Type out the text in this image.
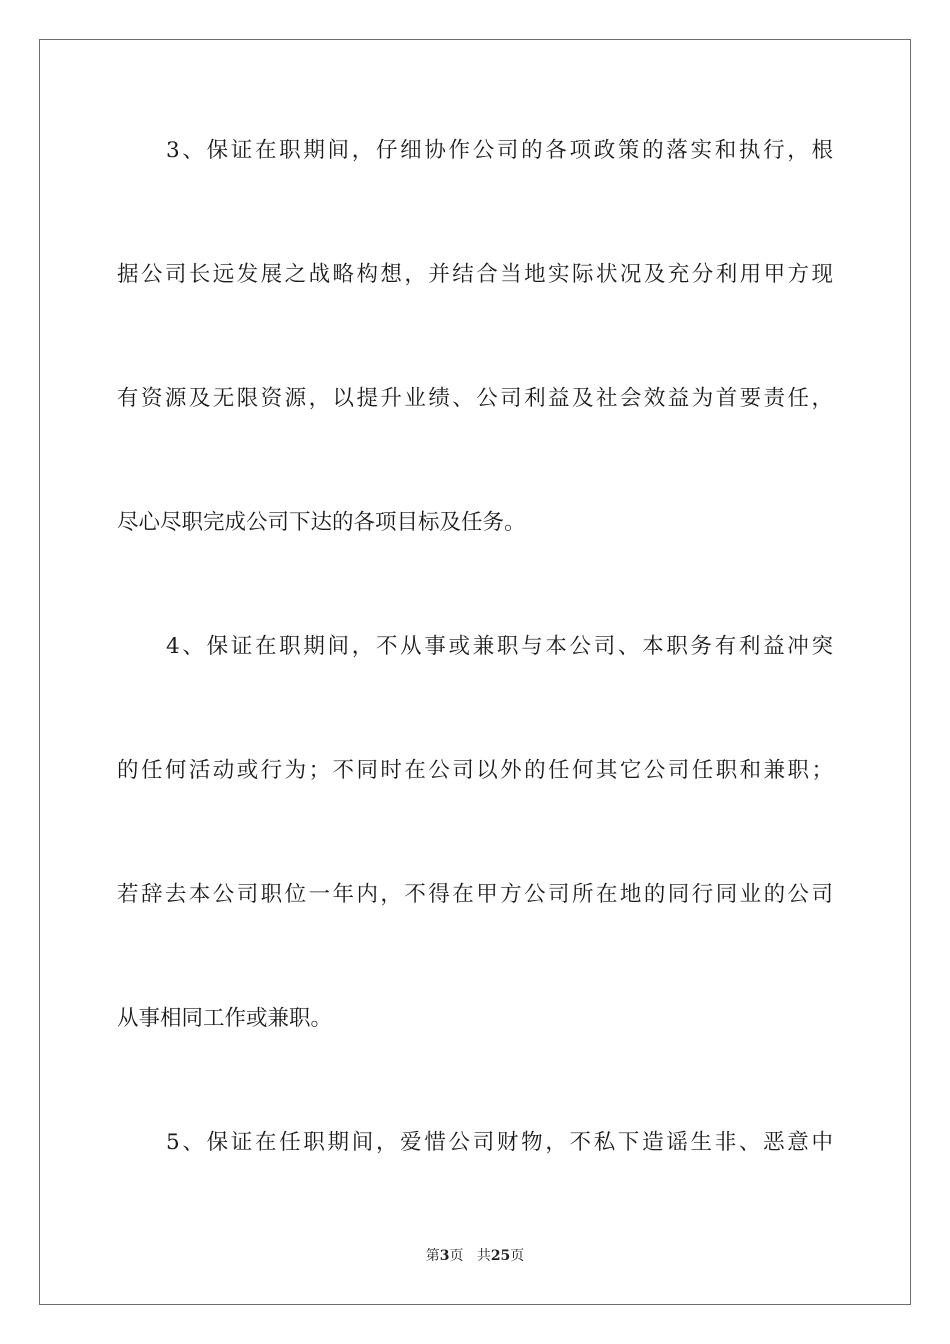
3、保证在职期间，仔细协作公司的各项政策的落实和执行，根
据公司长远发展之战略构想，并结合当地实际状况及充分利用甲方现
有资源及无限资源，以提升业绩、公司利益及社会效益为首要责任，
尽心尽职完成公司下达的各项目标及任务。
4、保证在职期间，不从事或兼职与本公司、本职务有利益冲突
的任何活动或行为；不同时在公司以外的任何其它公司任职和兼职；
若辞去本公司职位一年内，不得在甲方公司所在地的同行同业的公司
从事相同工作或兼职。
5、保证在任职期间，爱惜公司财物，不私下造谣生非、恶意中
第3页 共25页
